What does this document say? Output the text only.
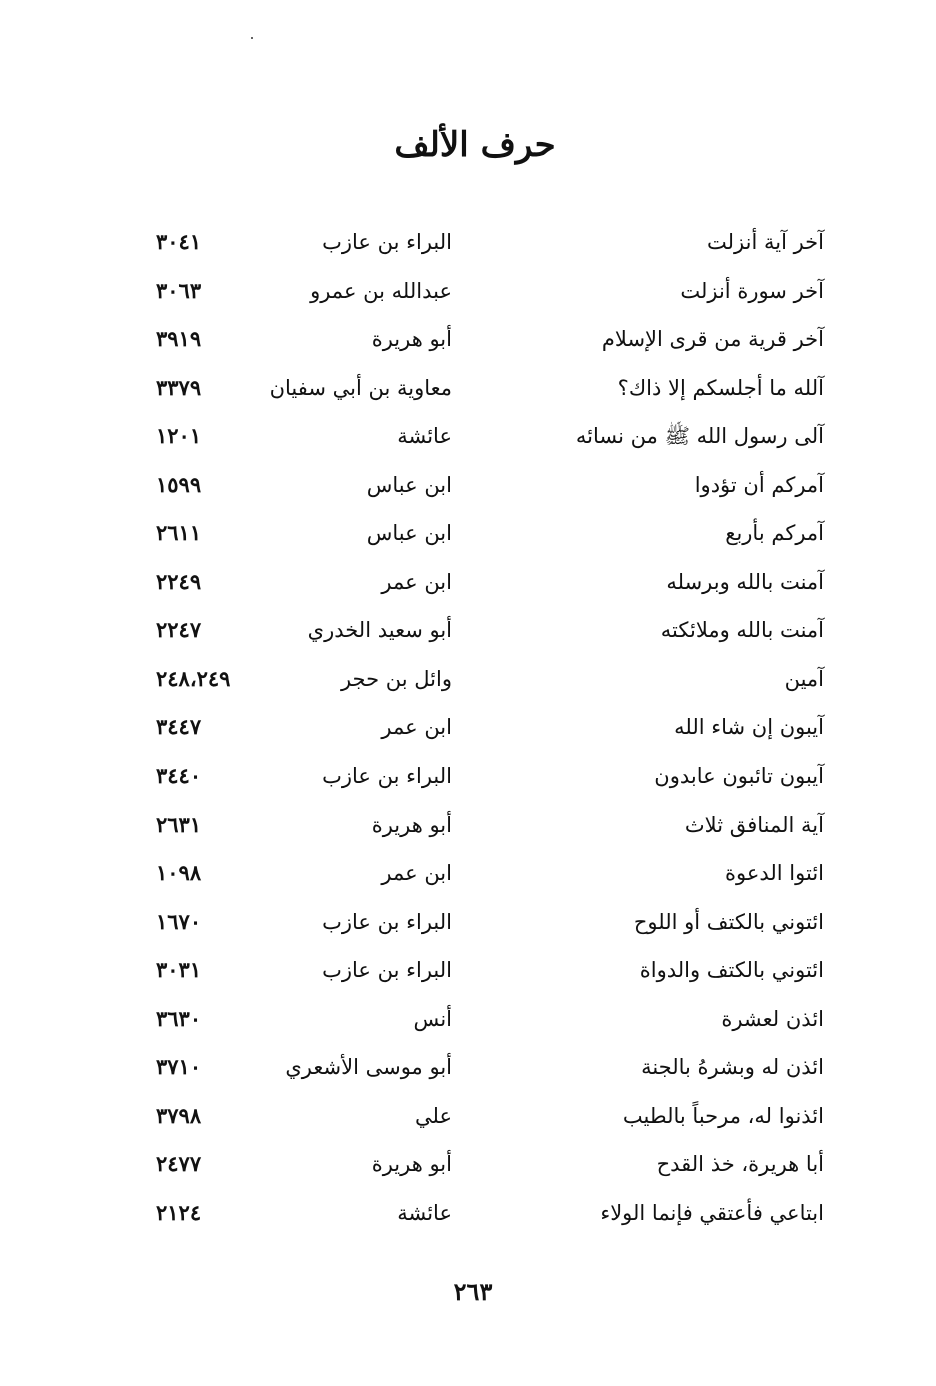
حرف الألف
آخر آية أنزلت
البراء بن عازب
٣٠٤١
آخر سورة أنزلت
عبدالله بن عمرو
٣٠٦٣
آخر قرية من قرى الإسلام
أبو هريرة
٣٩١٩
آلله ما أجلسكم إلا ذاك؟
معاوية بن أبي سفيان
٣٣٧٩
آلى رسول الله ﷺ من نسائه
عائشة
١٢٠١
آمركم أن تؤدوا
ابن عباس
١٥٩٩
آمركم بأربع
ابن عباس
٢٦١١
آمنت بالله وبرسله
ابن عمر
٢٢٤٩
آمنت بالله وملائكته
أبو سعيد الخدري
٢٢٤٧
آمين
وائل بن حجر
٢٤٨،٢٤٩
آيبون إن شاء الله
ابن عمر
٣٤٤٧
آيبون تائبون عابدون
البراء بن عازب
٣٤٤٠
آية المنافق ثلاث
أبو هريرة
٢٦٣١
ائتوا الدعوة
ابن عمر
١٠٩٨
ائتوني بالكتف أو اللوح
البراء بن عازب
١٦٧٠
ائتوني بالكتف والدواة
البراء بن عازب
٣٠٣١
ائذن لعشرة
أنس
٣٦٣٠
ائذن له وبشرهُ بالجنة
أبو موسى الأشعري
٣٧١٠
ائذنوا له، مرحباً بالطيب
علي
٣٧٩٨
أبا هريرة، خذ القدح
أبو هريرة
٢٤٧٧
ابتاعي فأعتقي فإنما الولاء
عائشة
٢١٢٤
٢٦٣
